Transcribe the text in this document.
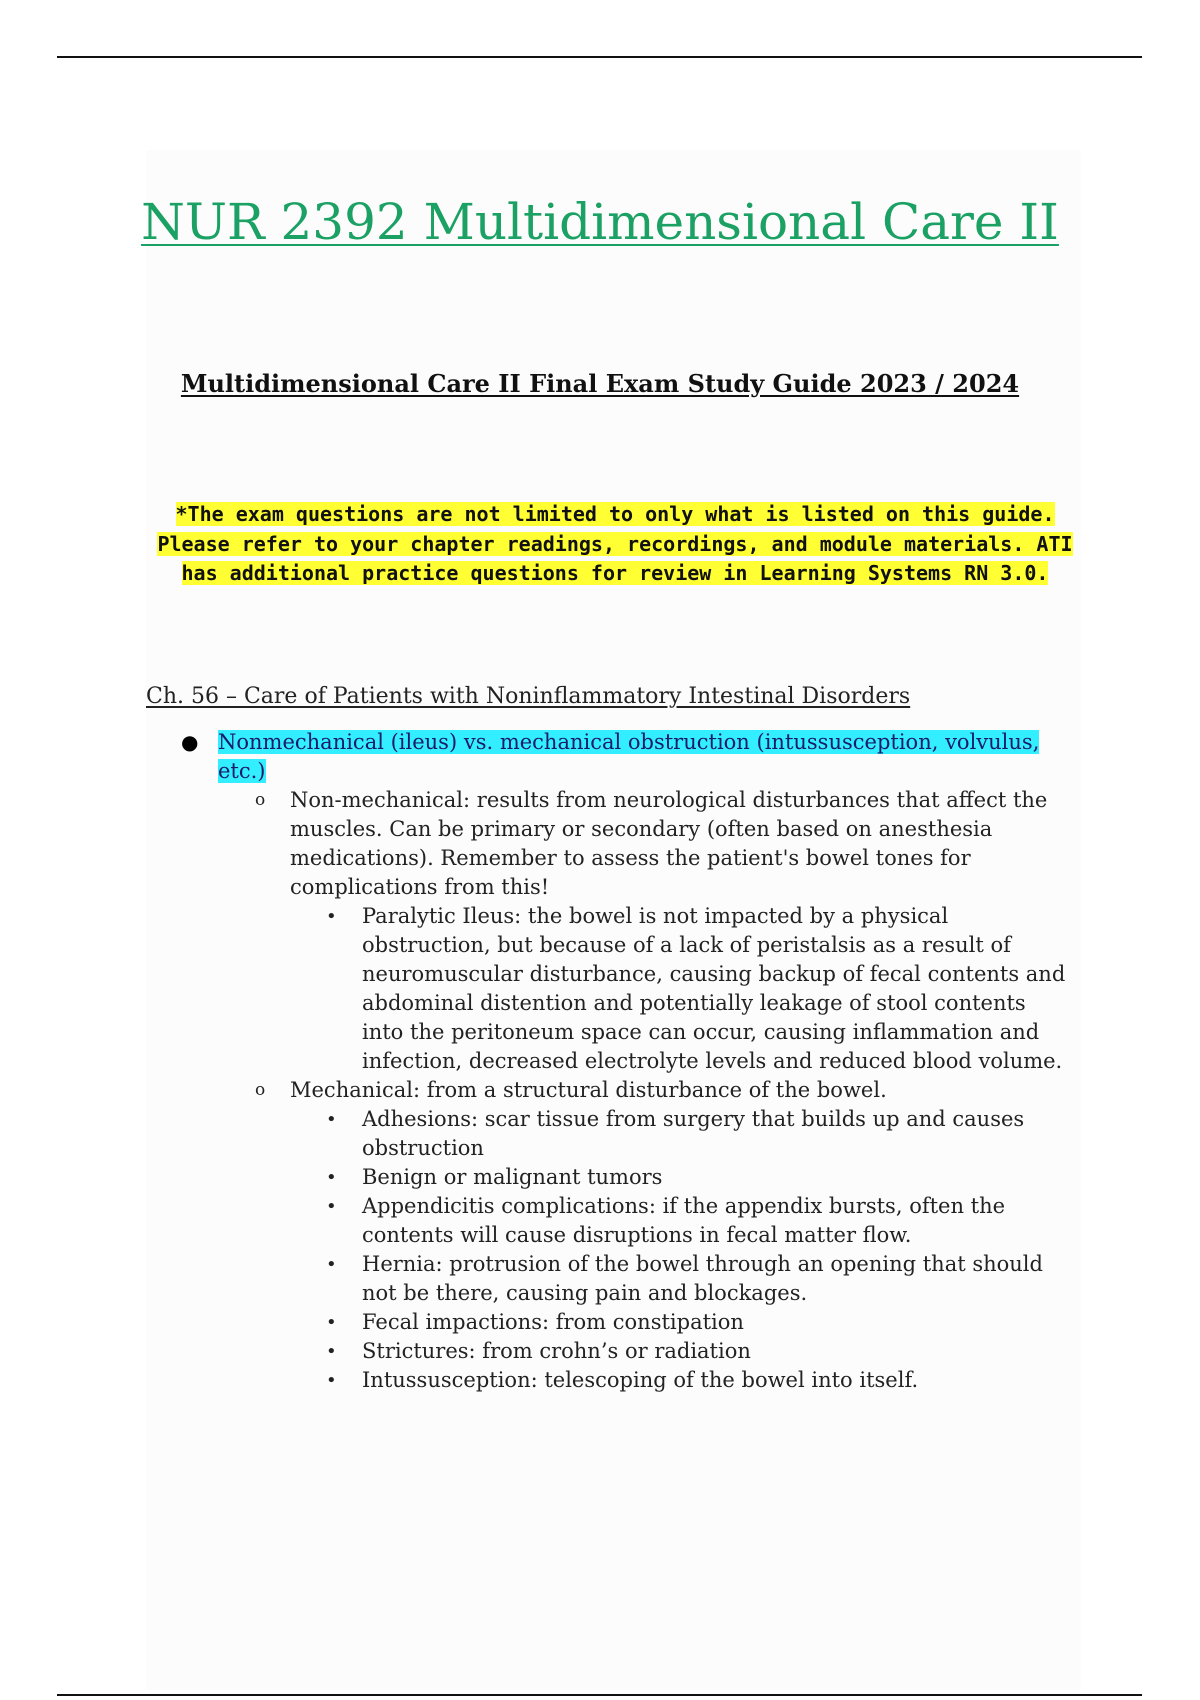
NUR 2392 Multidimensional Care II
Multidimensional Care II Final Exam Study Guide 2023 / 2024
*The exam questions are not limited to only what is listed on this guide. Please refer to your chapter readings, recordings, and module materials. ATI has additional practice questions for review in Learning Systems RN 3.0.
Ch. 56 – Care of Patients with Noninflammatory Intestinal Disorders
● Nonmechanical (ileus) vs. mechanical obstruction (intussusception, volvulus, etc.)
o Non-mechanical: results from neurological disturbances that affect the muscles. Can be primary or secondary (often based on anesthesia medications). Remember to assess the patient's bowel tones for complications from this!
• Paralytic Ileus: the bowel is not impacted by a physical obstruction, but because of a lack of peristalsis as a result of neuromuscular disturbance, causing backup of fecal contents and abdominal distention and potentially leakage of stool contents into the peritoneum space can occur, causing inflammation and infection, decreased electrolyte levels and reduced blood volume.
o Mechanical: from a structural disturbance of the bowel.
• Adhesions: scar tissue from surgery that builds up and causes obstruction
• Benign or malignant tumors
• Appendicitis complications: if the appendix bursts, often the contents will cause disruptions in fecal matter flow.
• Hernia: protrusion of the bowel through an opening that should not be there, causing pain and blockages.
• Fecal impactions: from constipation
• Strictures: from crohn’s or radiation
• Intussusception: telescoping of the bowel into itself.
